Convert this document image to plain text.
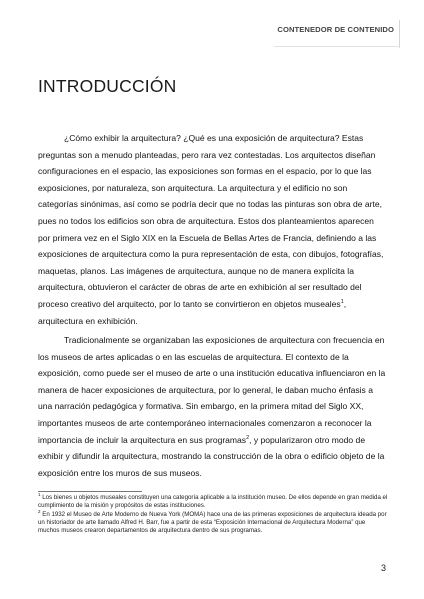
CONTENEDOR DE CONTENIDO
INTRODUCCIÓN

¿Cómo exhibir la arquitectura? ¿Qué es una exposición de arquitectura? Estas preguntas son a menudo planteadas, pero rara vez contestadas. Los arquitectos diseñan configuraciones en el espacio, las exposiciones son formas en el espacio, por lo que las exposiciones, por naturaleza, son arquitectura. La arquitectura y el edificio no son categorías sinónimas, así como se podría decir que no todas las pinturas son obra de arte, pues no todos los edificios son obra de arquitectura. Estos dos planteamientos aparecen por primera vez en el Siglo XIX en la Escuela de Bellas Artes de Francia, definiendo a las exposiciones de arquitectura como la pura representación de esta, con dibujos, fotografías, maquetas, planos. Las imágenes de arquitectura, aunque no de manera explícita la arquitectura, obtuvieron el carácter de obras de arte en exhibición al ser resultado del proceso creativo del arquitecto, por lo tanto se convirtieron en objetos museales$^1$, arquitectura en exhibición.

Tradicionalmente se organizaban las exposiciones de arquitectura con frecuencia en los museos de artes aplicadas o en las escuelas de arquitectura. El contexto de la exposición, como puede ser el museo de arte o una institución educativa influenciaron en la manera de hacer exposiciones de arquitectura, por lo general, le daban mucho énfasis a una narración pedagógica y formativa. Sin embargo, en la primera mitad del Siglo XX, importantes museos de arte contemporáneo internacionales comenzaron a reconocer la importancia de incluir la arquitectura en sus programas$^2$, y popularizaron otro modo de exhibir y difundir la arquitectura, mostrando la construcción de la obra o edificio objeto de la exposición entre los muros de sus museos.

$^1$ Los bienes u objetos museales constituyen una categoría aplicable a la institución museo. De ellos depende en gran medida el cumplimiento de la misión y propósitos de estas instituciones.

$^2$ En 1932 el Museo de Arte Moderno de Nueva York (MOMA) hace una de las primeras exposiciones de arquitectura ideada por un historiador de arte llamado Alfred H. Barr, fue a partir de esta “Exposición Internacional de Arquitectura Moderna” que muchos museos crearon departamentos de arquitectura dentro de sus programas.

3
